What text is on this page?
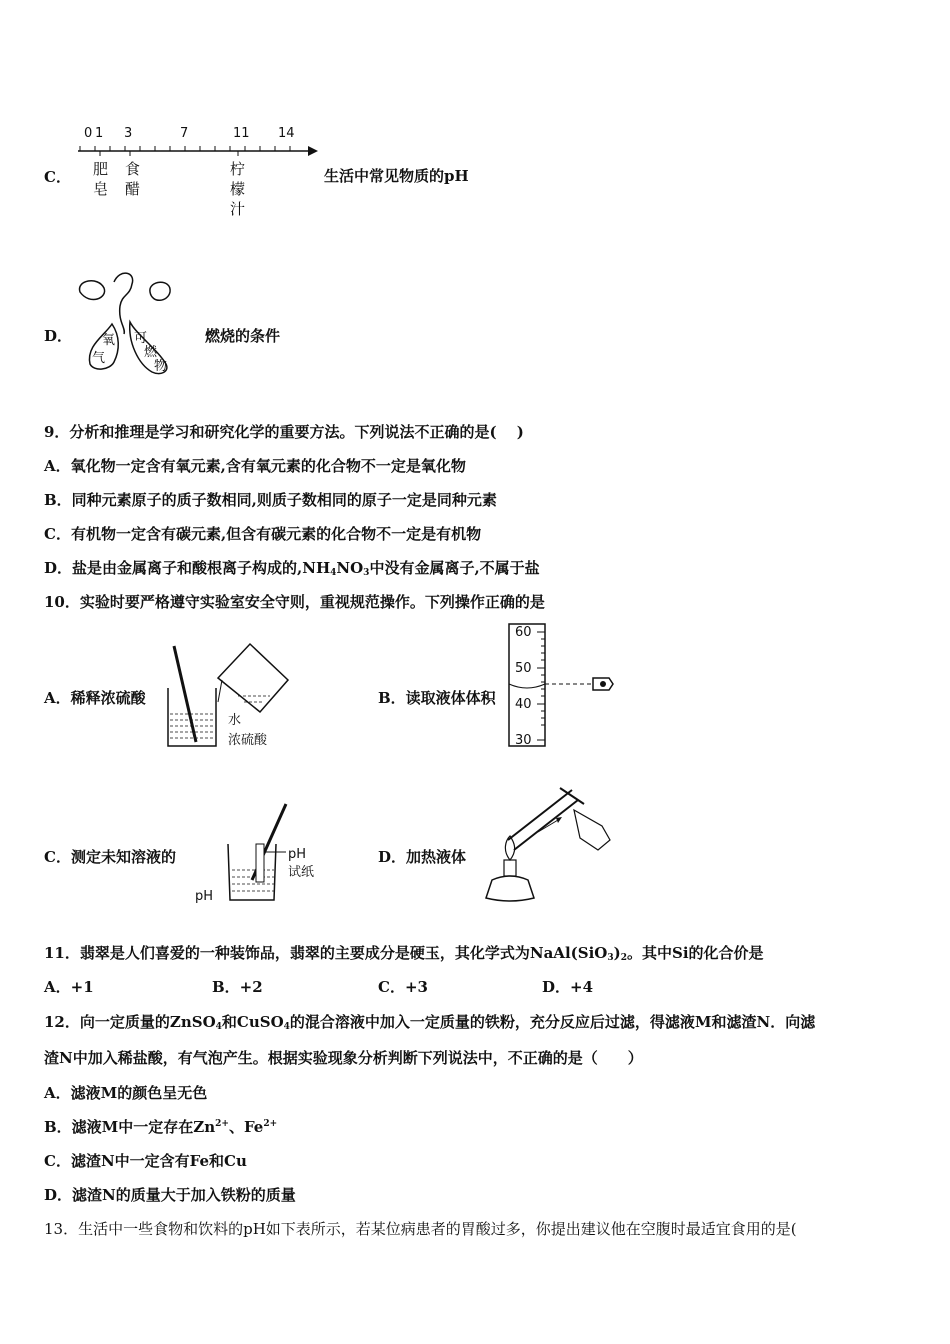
C．
0 1 3	7	11 14
肥
皂
食
醋
柠
檬
汁
生活中常见物质的pH
D． 氧
气
可
燃
物
燃烧的条件
9．分析和推理是学习和研究化学的重要方法。下列说法不正确的是(　 )
A．氧化物一定含有氧元素,含有氧元素的化合物不一定是氧化物
B．同种元素原子的质子数相同,则质子数相同的原子一定是同种元素
C．有机物一定含有碳元素,但含有碳元素的化合物不一定是有机物
D．盐是由金属离子和酸根离子构成的$,NH_4NO_3$中没有金属离子,不属于盐
10．实验时要严格遵守实验室安全守则，重视规范操作。下列操作正确的是
A．稀释浓硫酸
水
浓硫酸
B．读取液体体积
60
50
40
30
C．测定未知溶液的
pH
pH
试纸
D．加热液体
11．翡翠是人们喜爱的一种装饰品，翡翠的主要成分是硬玉，其化学式为$NaAl(SiO_3)_2$。其中Si的化合价是
A．+1	B．+2	C．+3	D．+4
12．向一定质量的ZnSO$_4$和CuSO$_4$的混合溶液中加入一定质量的铁粉，充分反应后过滤，得滤液M和滤渣N．向滤
渣N中加入稀盐酸，有气泡产生。根据实验现象分析判断下列说法中，不正确的是（　　）
A．滤液M的颜色呈无色
B．滤液M中一定存在$Zn^{2+}$、$Fe^{2+}$
C．滤渣N中一定含有Fe和Cu
D．滤渣N的质量大于加入铁粉的质量
13．生活中一些食物和饮料的pH如下表所示，若某位病患者的胃酸过多，你提出建议他在空腹时最适宜食用的是(
